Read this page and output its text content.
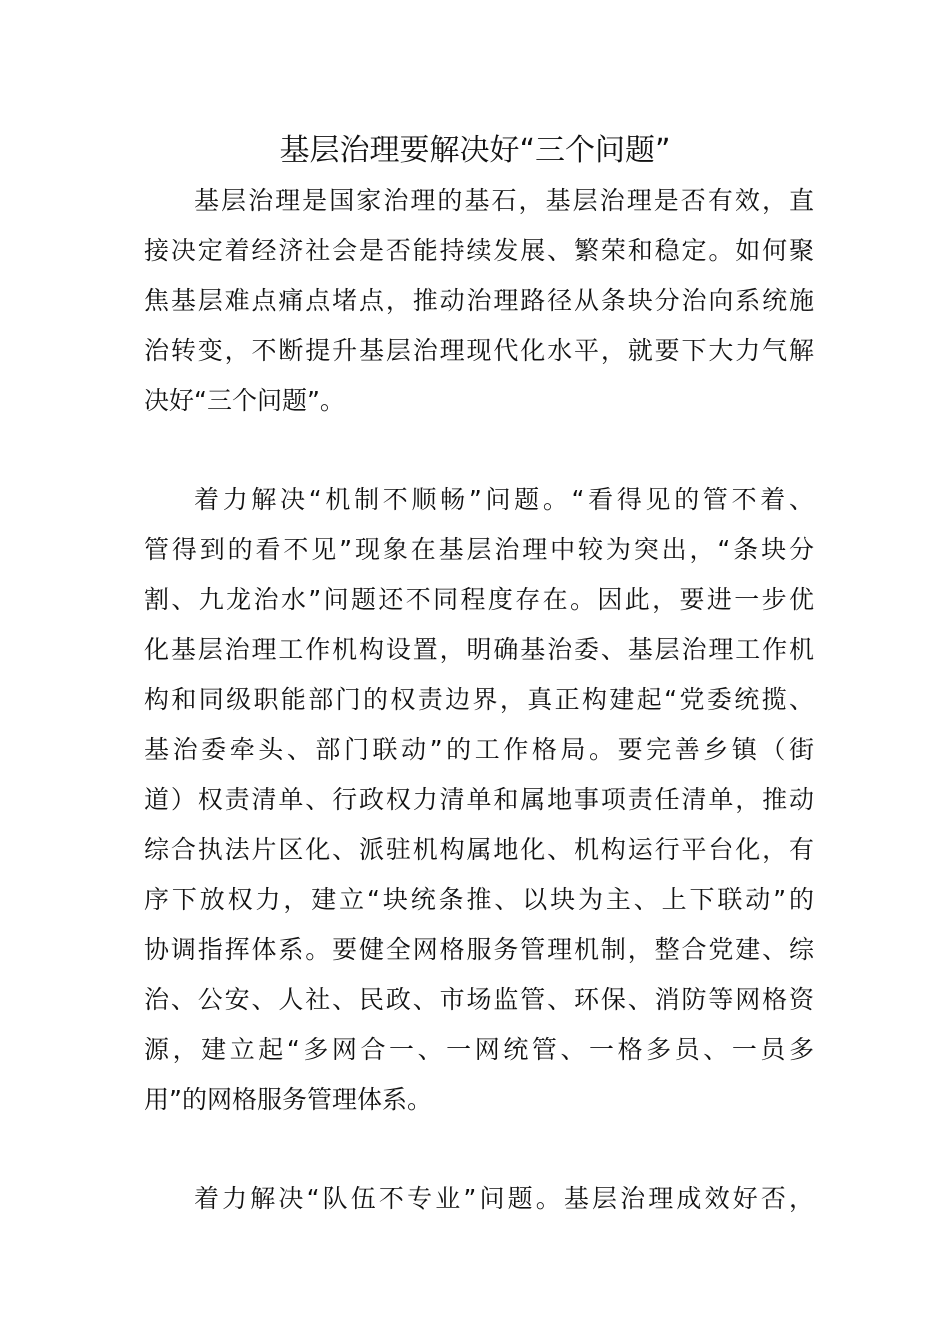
基层治理要解决好“三个问题”
基层治理是国家治理的基石，基层治理是否有效，直
接决定着经济社会是否能持续发展、繁荣和稳定。如何聚
焦基层难点痛点堵点，推动治理路径从条块分治向系统施
治转变，不断提升基层治理现代化水平，就要下大力气解
决好“三个问题”。
着力解决“机制不顺畅”问题。“看得见的管不着、
管得到的看不见”现象在基层治理中较为突出，“条块分
割、九龙治水”问题还不同程度存在。因此，要进一步优
化基层治理工作机构设置，明确基治委、基层治理工作机
构和同级职能部门的权责边界，真正构建起“党委统揽、
基治委牵头、部门联动”的工作格局。要完善乡镇（街
道）权责清单、行政权力清单和属地事项责任清单，推动
综合执法片区化、派驻机构属地化、机构运行平台化，有
序下放权力，建立“块统条推、以块为主、上下联动”的
协调指挥体系。要健全网格服务管理机制，整合党建、综
治、公安、人社、民政、市场监管、环保、消防等网格资
源，建立起“多网合一、一网统管、一格多员、一员多
用”的网格服务管理体系。
着力解决“队伍不专业”问题。基层治理成效好否，
